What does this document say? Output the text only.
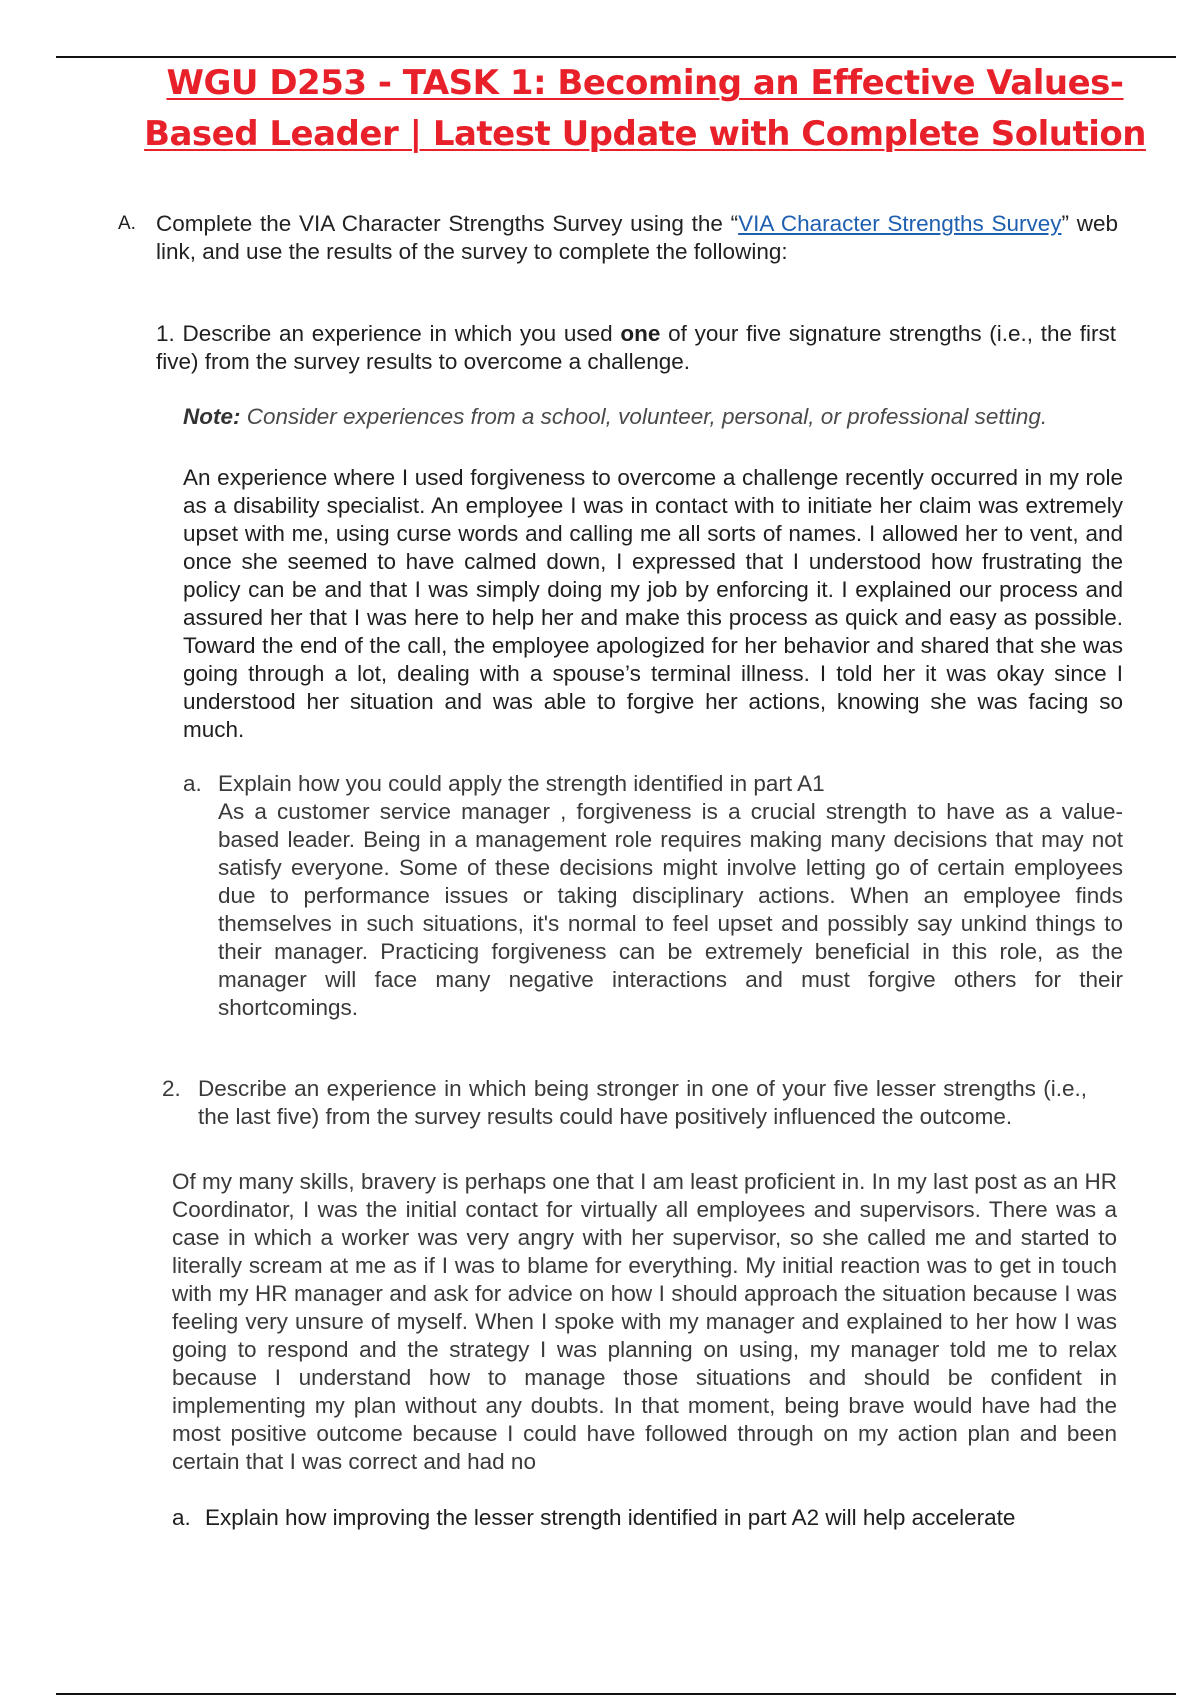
WGU D253 - TASK 1: Becoming an Effective Values-
Based Leader | Latest Update with Complete Solution
A. Complete the VIA Character Strengths Survey using the “VIA Character Strengths Survey” web link, and use the results of the survey to complete the following:

1. Describe an experience in which you used one of your five signature strengths (i.e., the first five) from the survey results to overcome a challenge.

Note: Consider experiences from a school, volunteer, personal, or professional setting.

An experience where I used forgiveness to overcome a challenge recently occurred in my role as a disability specialist. An employee I was in contact with to initiate her claim was extremely upset with me, using curse words and calling me all sorts of names. I allowed her to vent, and once she seemed to have calmed down, I expressed that I understood how frustrating the policy can be and that I was simply doing my job by enforcing it. I explained our process and assured her that I was here to help her and make this process as quick and easy as possible. Toward the end of the call, the employee apologized for her behavior and shared that she was going through a lot, dealing with a spouse’s terminal illness. I told her it was okay since I understood her situation and was able to forgive her actions, knowing she was facing so much.

a. Explain how you could apply the strength identified in part A1

As a customer service manager , forgiveness is a crucial strength to have as a value-based leader. Being in a management role requires making many decisions that may not satisfy everyone. Some of these decisions might involve letting go of certain employees due to performance issues or taking disciplinary actions. When an employee finds themselves in such situations, it's normal to feel upset and possibly say unkind things to their manager. Practicing forgiveness can be extremely beneficial in this role, as the manager will face many negative interactions and must forgive others for their shortcomings.

2. Describe an experience in which being stronger in one of your five lesser strengths (i.e., the last five) from the survey results could have positively influenced the outcome.

Of my many skills, bravery is perhaps one that I am least proficient in. In my last post as an HR Coordinator, I was the initial contact for virtually all employees and supervisors. There was a case in which a worker was very angry with her supervisor, so she called me and started to literally scream at me as if I was to blame for everything. My initial reaction was to get in touch with my HR manager and ask for advice on how I should approach the situation because I was feeling very unsure of myself. When I spoke with my manager and explained to her how I was going to respond and the strategy I was planning on using, my manager told me to relax because I understand how to manage those situations and should be confident in implementing my plan without any doubts. In that moment, being brave would have had the most positive outcome because I could have followed through on my action plan and been certain that I was correct and had no

a. Explain how improving the lesser strength identified in part A2 will help accelerate
